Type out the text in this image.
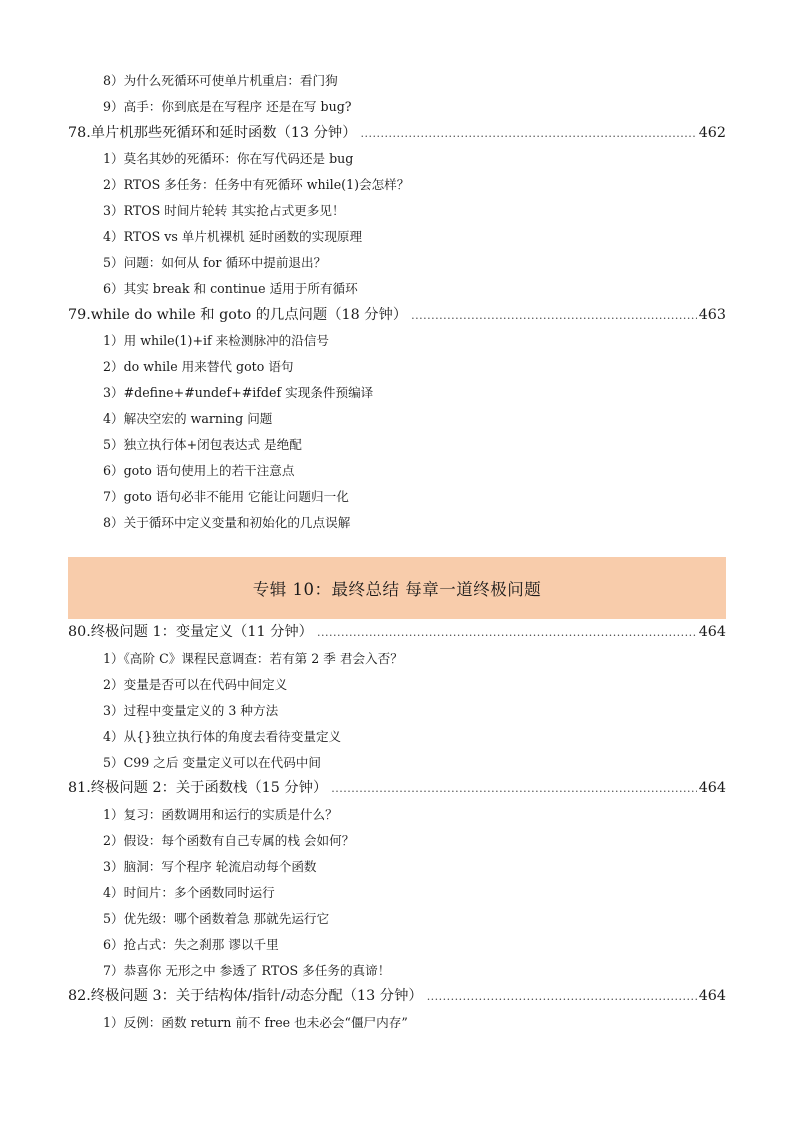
8）为什么死循环可使单片机重启：看门狗
9）高手：你到底是在写程序 还是在写 bug?
78.单片机那些死循环和延时函数（13 分钟） .....	462
1）莫名其妙的死循环：你在写代码还是 bug
2）RTOS 多任务：任务中有死循环 while(1)会怎样？
3）RTOS 时间片轮转 其实抢占式更多见！
4）RTOS vs 单片机裸机 延时函数的实现原理
5）问题：如何从 for 循环中提前退出？
6）其实 break 和 continue 适用于所有循环
79.while do while 和 goto 的几点问题（18 分钟） .....	463
1）用 while(1)+if 来检测脉冲的沿信号
2）do while 用来替代 goto 语句
3）#define+#undef+#ifdef 实现条件预编译
4）解决空宏的 warning 问题
5）独立执行体+闭包表达式 是绝配
6）goto 语句使用上的若干注意点
7）goto 语句必非不能用 它能让问题归一化
8）关于循环中定义变量和初始化的几点误解
专辑 10：最终总结 每章一道终极问题
80.终极问题 1：变量定义（11 分钟） .....	464
1）《高阶 C》课程民意调查：若有第 2 季 君会入否？
2）变量是否可以在代码中间定义
3）过程中变量定义的 3 种方法
4）从{}独立执行体的角度去看待变量定义
5）C99 之后 变量定义可以在代码中间
81.终极问题 2：关于函数栈（15 分钟） .....	464
1）复习：函数调用和运行的实质是什么？
2）假设：每个函数有自己专属的栈 会如何？
3）脑洞：写个程序 轮流启动每个函数
4）时间片：多个函数同时运行
5）优先级：哪个函数着急 那就先运行它
6）抢占式：失之刹那 谬以千里
7）恭喜你 无形之中 参透了 RTOS 多任务的真谛！
82.终极问题 3：关于结构体/指针/动态分配（13 分钟） .....	464
1）反例：函数 return 前不 free 也未必会“僵尸内存”
